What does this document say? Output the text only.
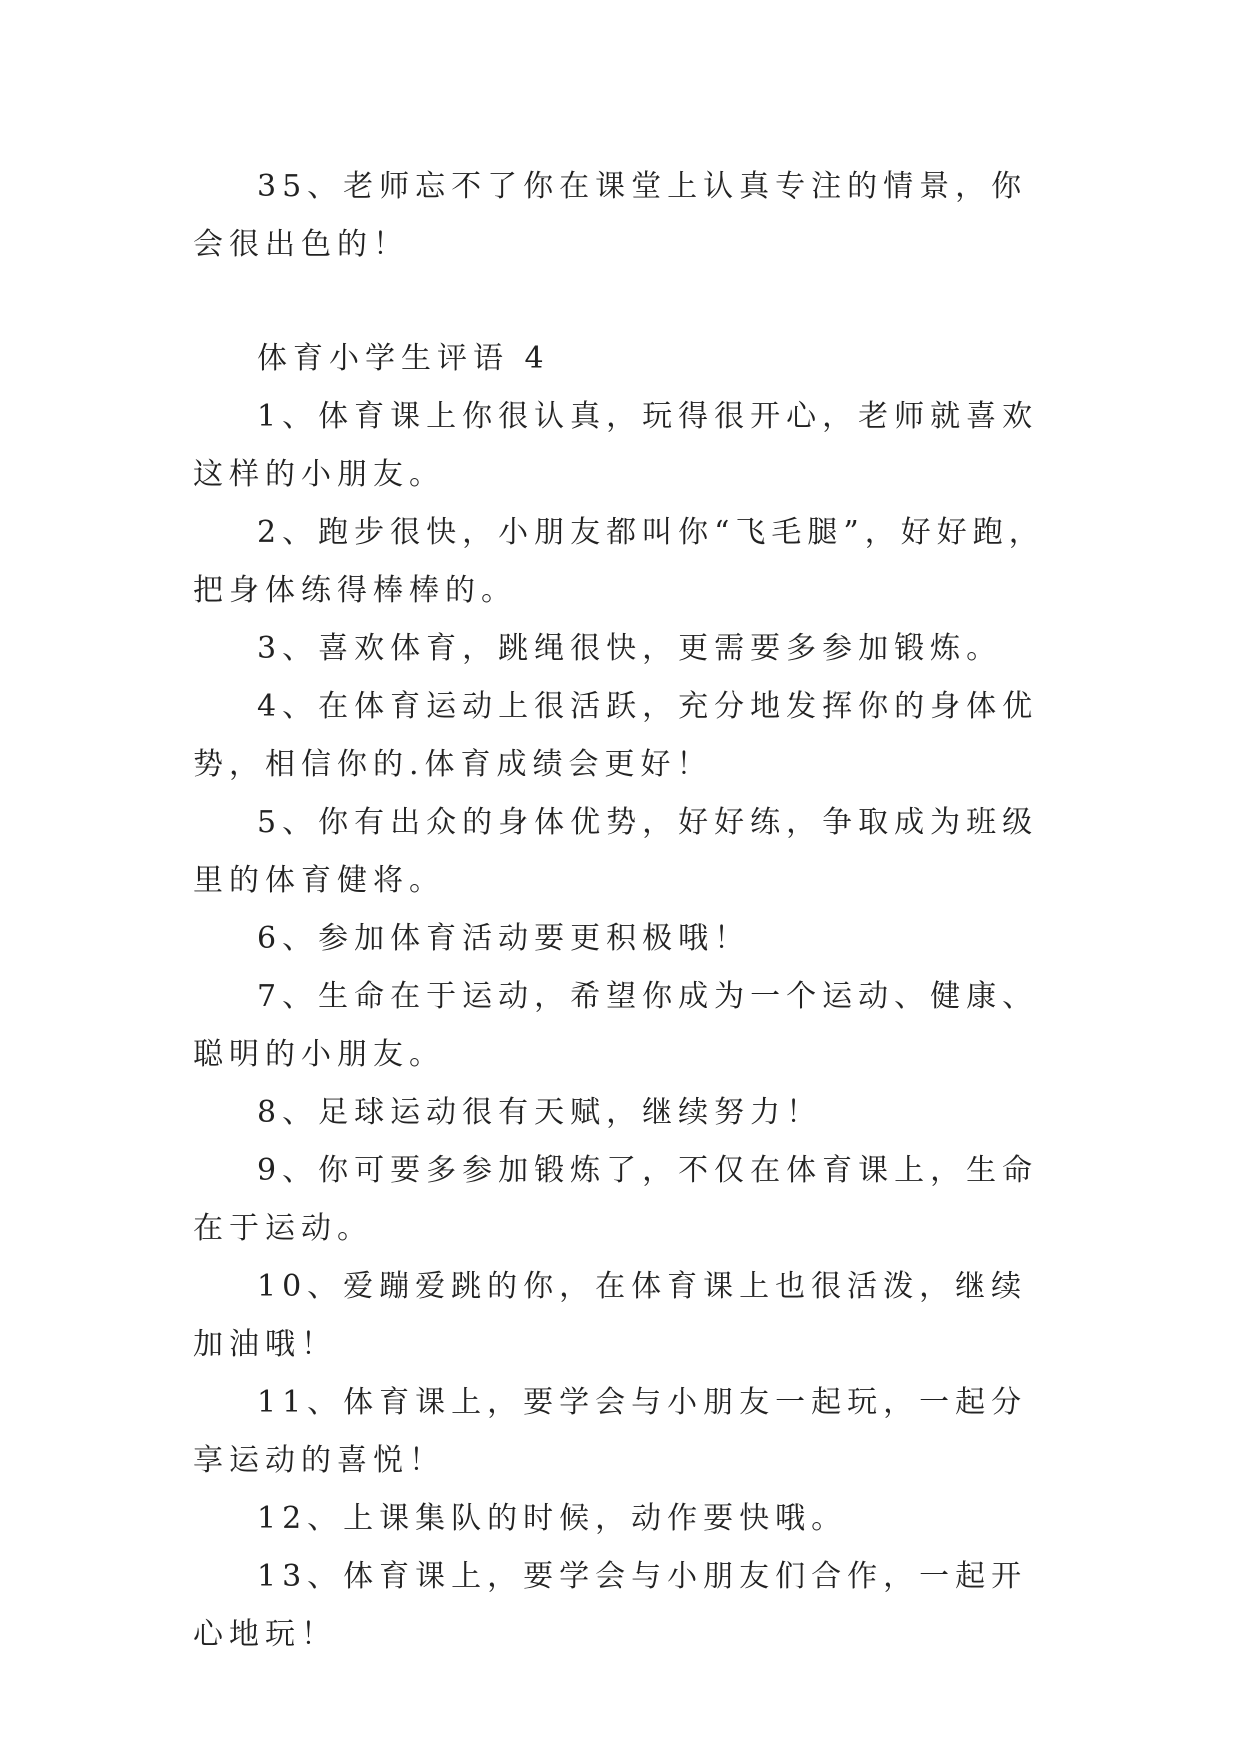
35、老师忘不了你在课堂上认真专注的情景，你会很出色的！

体育小学生评语 4

1、体育课上你很认真，玩得很开心，老师就喜欢这样的小朋友。

2、跑步很快，小朋友都叫你“飞毛腿”，好好跑，把身体练得棒棒的。

3、喜欢体育，跳绳很快，更需要多参加锻炼。

4、在体育运动上很活跃，充分地发挥你的身体优势，相信你的.体育成绩会更好！

5、你有出众的身体优势，好好练，争取成为班级里的体育健将。

6、参加体育活动要更积极哦！

7、生命在于运动，希望你成为一个运动、健康、聪明的小朋友。

8、足球运动很有天赋，继续努力！

9、你可要多参加锻炼了，不仅在体育课上，生命在于运动。

10、爱蹦爱跳的你，在体育课上也很活泼，继续加油哦！

11、体育课上，要学会与小朋友一起玩，一起分享运动的喜悦！

12、上课集队的时候，动作要快哦。

13、体育课上，要学会与小朋友们合作，一起开心地玩！
